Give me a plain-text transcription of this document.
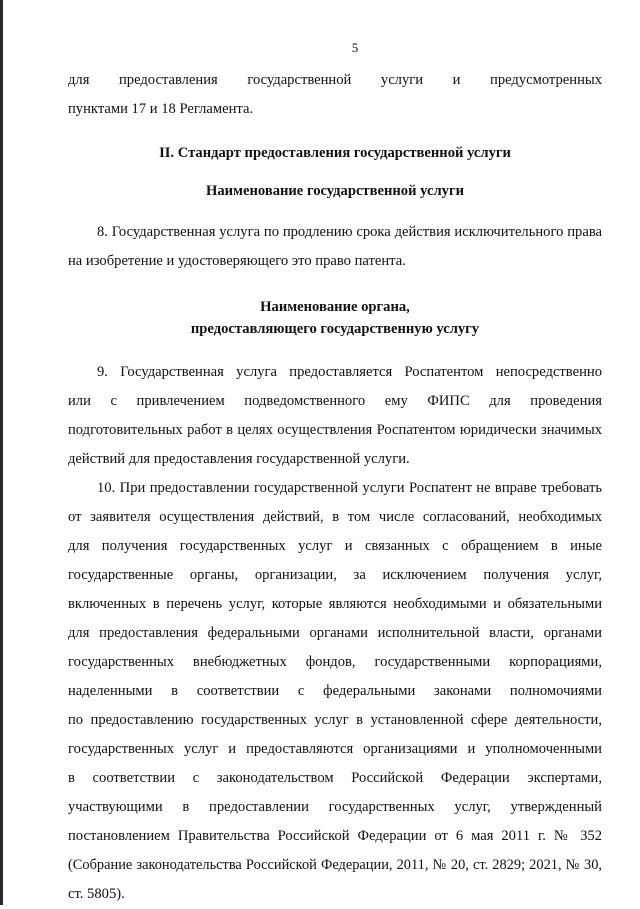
5

для предоставления государственной услуги и предусмотренных
пунктами 17 и 18 Регламента.

II. Стандарт предоставления государственной услуги

Наименование государственной услуги

8. Государственная услуга по продлению срока действия исключительного права
на изобретение и удостоверяющего это право патента.

Наименование органа,
предоставляющего государственную услугу

9. Государственная услуга предоставляется Роспатентом непосредственно
или с привлечением подведомственного ему ФИПС для проведения
подготовительных работ в целях осуществления Роспатентом юридически значимых
действий для предоставления государственной услуги.

10. При предоставлении государственной услуги Роспатент не вправе требовать
от заявителя осуществления действий, в том числе согласований, необходимых
для получения государственных услуг и связанных с обращением в иные
государственные органы, организации, за исключением получения услуг,
включенных в перечень услуг, которые являются необходимыми и обязательными
для предоставления федеральными органами исполнительной власти, органами
государственных внебюджетных фондов, государственными корпорациями,
наделенными в соответствии с федеральными законами полномочиями
по предоставлению государственных услуг в установленной сфере деятельности,
государственных услуг и предоставляются организациями и уполномоченными
в соответствии с законодательством Российской Федерации экспертами,
участвующими в предоставлении государственных услуг, утвержденный
постановлением Правительства Российской Федерации от 6 мая 2011 г. № 352
(Собрание законодательства Российской Федерации, 2011, № 20, ст. 2829; 2021, № 30,
ст. 5805).
